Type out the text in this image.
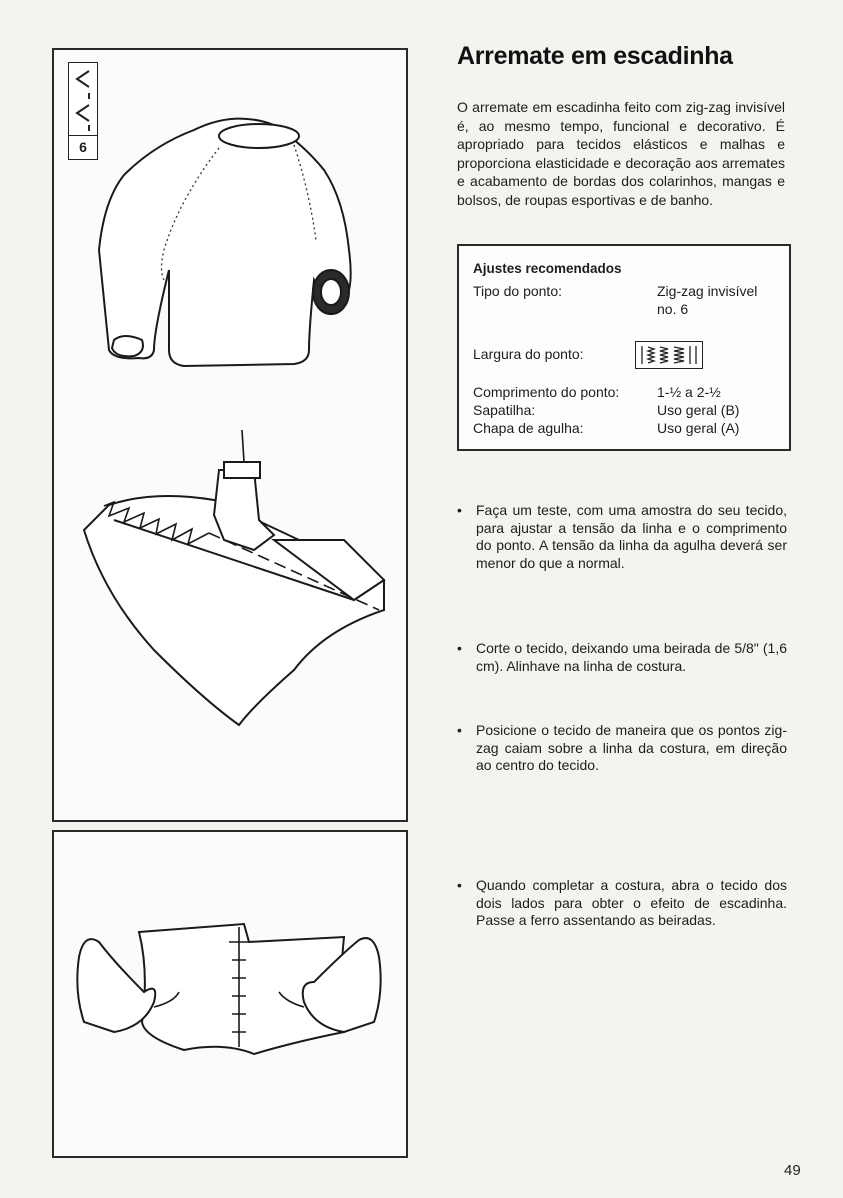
6
Arremate em escadinha

O arremate em escadinha feito com zig-zag invisível é, ao mesmo tempo, funcional e decorativo. É apropriado para tecidos elásticos e malhas e proporciona elasticidade e decoração aos arremates e acabamento de bordas dos colarinhos, mangas e bolsos, de roupas esportivas e de banho.

Ajustes recomendados
Tipo do ponto:	Zig-zag invisível
no. 6
Largura do ponto:
Comprimento do ponto:	1-½ a 2-½
Sapatilha:	Uso geral (B)
Chapa de agulha:	Uso geral (A)
•	Faça um teste, com uma amostra do seu tecido, para ajustar a tensão da linha e o comprimento do ponto. A tensão da linha da agulha deverá ser menor do que a normal.
•	Corte o tecido, deixando uma beirada de 5/8" (1,6 cm). Alinhave na linha de costura.
•	Posicione o tecido de maneira que os pontos zig-zag caiam sobre a linha da costura, em direção ao centro do tecido.
•	Quando completar a costura, abra o tecido dos dois lados para obter o efeito de escadinha. Passe a ferro assentando as beiradas.
49
